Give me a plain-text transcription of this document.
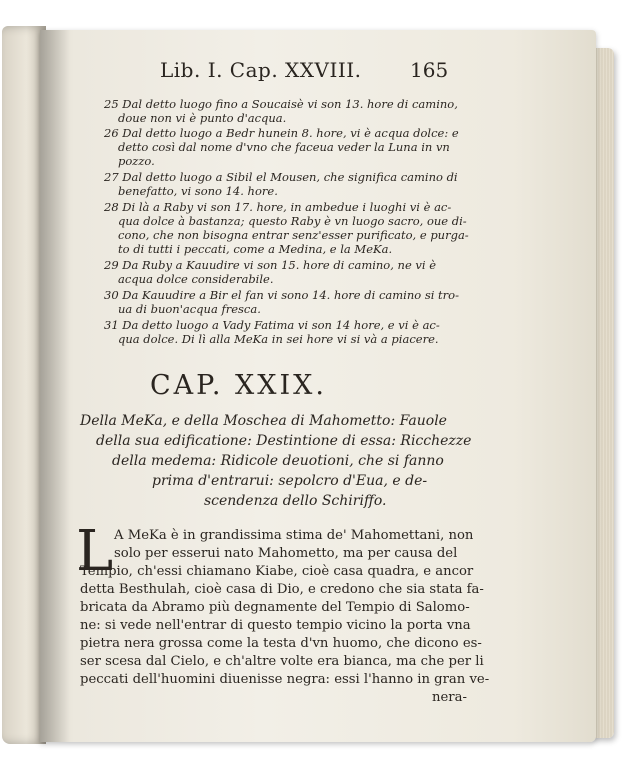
Lib. I. Cap. XXVIII. 165
25 Dal detto luogo fino a Soucaisè vi son 13. hore di camino,
doue non vi è punto d'acqua.
26 Dal detto luogo a Bedr hunein 8. hore, vi è acqua dolce: e
detto così dal nome d'vno che faceua veder la Luna in vn
pozzo.
27 Dal detto luogo a Sibil el Mousen, che significa camino di
benefatto, vi sono 14. hore.
28 Di là a Raby vi son 17. hore, in ambedue i luoghi vi è ac-
qua dolce à bastanza; questo Raby è vn luogo sacro, oue di-
cono, che non bisogna entrar senz'esser purificato, e purga-
to di tutti i peccati, come a Medina, e la MeKa.
29 Da Ruby a Kauudire vi son 15. hore di camino, ne vi è
acqua dolce considerabile.
30 Da Kauudire a Bir el fan vi sono 14. hore di camino si tro-
ua di buon'acqua fresca.
31 Da detto luogo a Vady Fatima vi son 14 hore, e vi è ac-
qua dolce. Di lì alla MeKa in sei hore vi si và a piacere.
CAP. XXIX.
Della MeKa, e della Moschea di Mahometto: Fauole
della sua edificatione: Destintione di essa: Ricchezze
della medema: Ridicole deuotioni, che si fanno
prima d'entrarui: sepolcro d'Eua, e de-
scendenza dello Schiriffo.
L A MeKa è in grandissima stima de' Mahomettani, non
solo per esserui nato Mahometto, ma per causa del
Tempio, ch'essi chiamano Kiabe, cioè casa quadra, e ancor
detta Besthulah, cioè casa di Dio, e credono che sia stata fa-
bricata da Abramo più degnamente del Tempio di Salomo-
ne: si vede nell'entrar di questo tempio vicino la porta vna
pietra nera grossa come la testa d'vn huomo, che dicono es-
ser scesa dal Cielo, e ch'altre volte era bianca, ma che per li
peccati dell'huomini diuenisse negra: essi l'hanno in gran ve-
nera-
